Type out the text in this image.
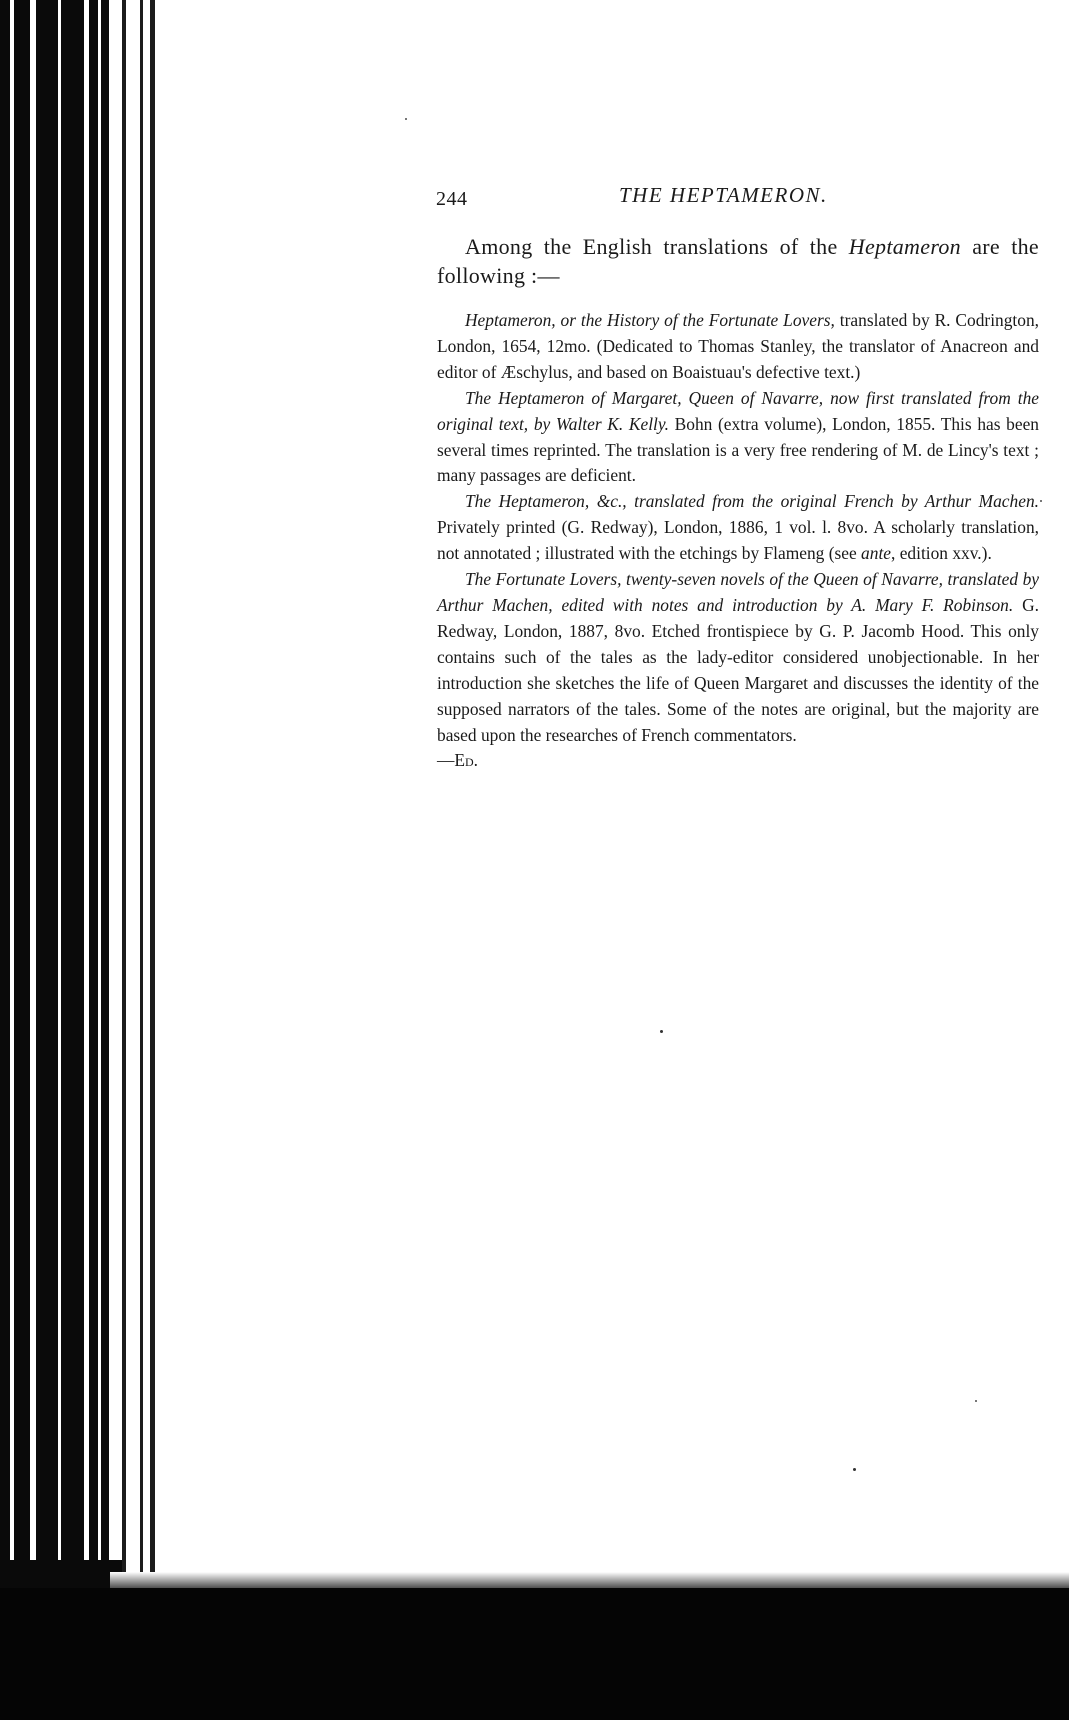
244	THE HEPTAMERON.

Among the English translations of the Heptameron are the following :—

Heptameron, or the History of the Fortunate Lovers, translated by R. Codrington, London, 1654, 12mo. (Dedicated to Thomas Stanley, the translator of Anacreon and editor of Æschylus, and based on Boaistuau's defective text.)

The Heptameron of Margaret, Queen of Navarre, now first translated from the original text, by Walter K. Kelly. Bohn (extra volume), London, 1855. This has been several times reprinted. The translation is a very free rendering of M. de Lincy's text ; many passages are deficient.

The Heptameron, &c., translated from the original French by Arthur Machen. Privately printed (G. Redway), London, 1886, 1 vol. l. 8vo. A scholarly translation, not annotated ; illustrated with the etchings by Flameng (see ante, edition xxv.).

The Fortunate Lovers, twenty-seven novels of the Queen of Navarre, translated by Arthur Machen, edited with notes and introduction by A. Mary F. Robinson. G. Redway, London, 1887, 8vo. Etched frontispiece by G. P. Jacomb Hood. This only contains such of the tales as the lady-editor considered unobjectionable. In her introduction she sketches the life of Queen Margaret and discusses the identity of the supposed narrators of the tales. Some of the notes are original, but the majority are based upon the researches of French commentators.
—Ed.
